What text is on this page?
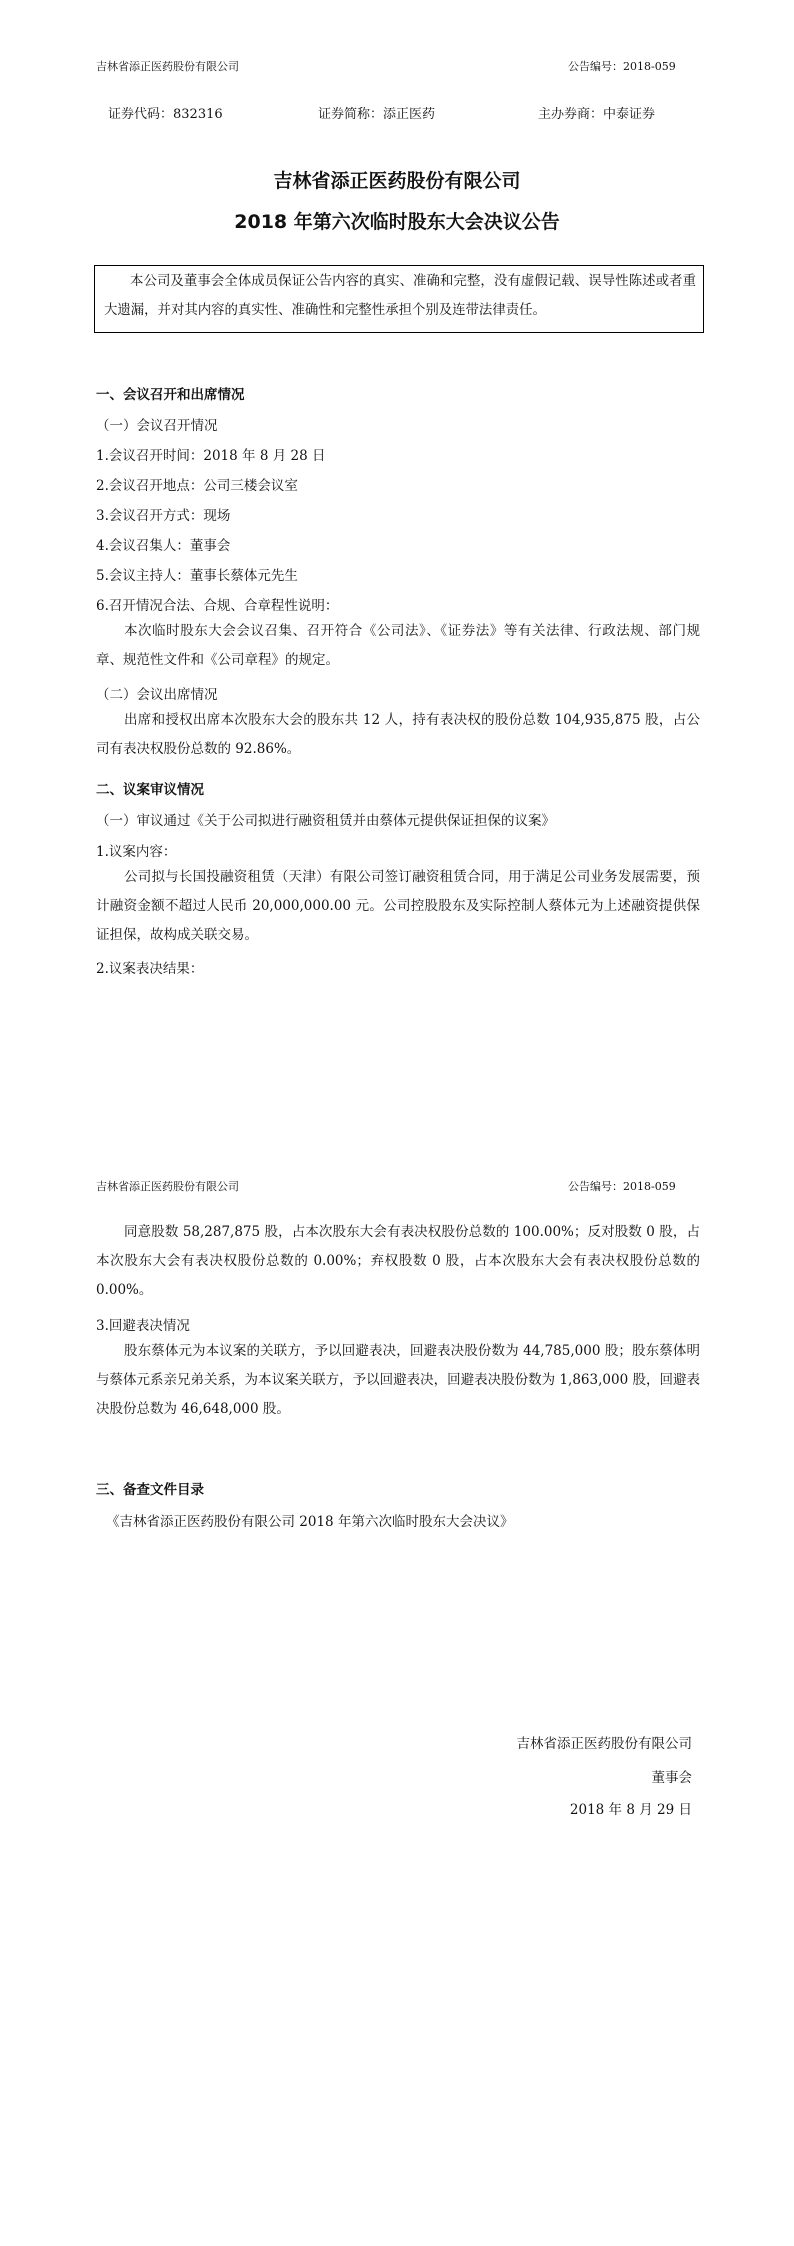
吉林省添正医药股份有限公司	公告编号：2018-059
证券代码：832316	证券简称：添正医药	主办券商：中泰证券
吉林省添正医药股份有限公司
2018 年第六次临时股东大会决议公告
本公司及董事会全体成员保证公告内容的真实、准确和完整，没有虚假记载、误导性陈述或者重大遗漏，并对其内容的真实性、准确性和完整性承担个别及连带法律责任。
一、会议召开和出席情况
（一）会议召开情况
1.会议召开时间：2018 年 8 月 28 日
2.会议召开地点：公司三楼会议室
3.会议召开方式：现场
4.会议召集人：董事会
5.会议主持人：董事长蔡体元先生
6.召开情况合法、合规、合章程性说明：
本次临时股东大会会议召集、召开符合《公司法》、《证券法》等有关法律、行政法规、部门规章、规范性文件和《公司章程》的规定。
（二）会议出席情况
出席和授权出席本次股东大会的股东共 12 人，持有表决权的股份总数 104,935,875 股，占公司有表决权股份总数的 92.86%。
二、议案审议情况
（一）审议通过《关于公司拟进行融资租赁并由蔡体元提供保证担保的议案》
1.议案内容：
公司拟与长国投融资租赁（天津）有限公司签订融资租赁合同，用于满足公司业务发展需要，预计融资金额不超过人民币 20,000,000.00 元。公司控股股东及实际控制人蔡体元为上述融资提供保证担保，故构成关联交易。
2.议案表决结果：
吉林省添正医药股份有限公司	公告编号：2018-059
同意股数 58,287,875 股，占本次股东大会有表决权股份总数的 100.00%；反对股数 0 股，占本次股东大会有表决权股份总数的 0.00%；弃权股数 0 股，占本次股东大会有表决权股份总数的 0.00%。
3.回避表决情况
股东蔡体元为本议案的关联方，予以回避表决，回避表决股份数为 44,785,000 股；股东蔡体明与蔡体元系亲兄弟关系，为本议案关联方，予以回避表决，回避表决股份数为 1,863,000 股，回避表决股份总数为 46,648,000 股。
三、备查文件目录
《吉林省添正医药股份有限公司 2018 年第六次临时股东大会决议》
吉林省添正医药股份有限公司
董事会
2018 年 8 月 29 日
